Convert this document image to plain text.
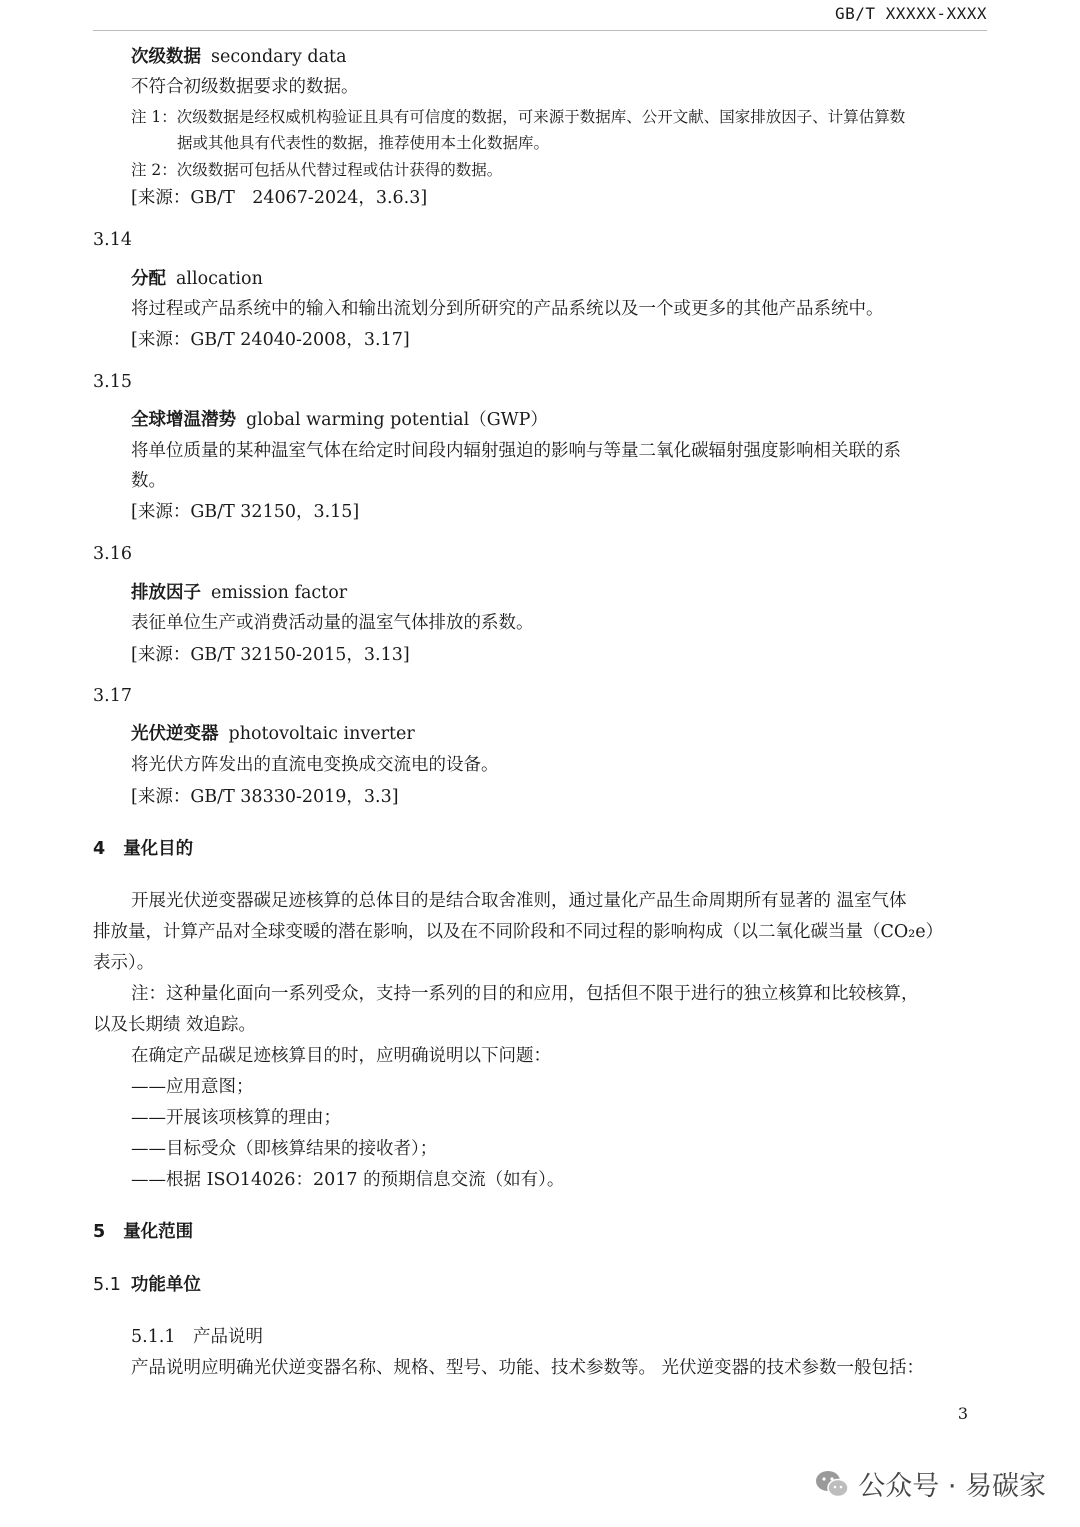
GB/T XXXXX-XXXX
次级数据 secondary data
不符合初级数据要求的数据。
注 1：次级数据是经权威机构验证且具有可信度的数据，可来源于数据库、公开文献、国家排放因子、计算估算数
据或其他具有代表性的数据，推荐使用本土化数据库。
注 2：次级数据可包括从代替过程或估计获得的数据。
[来源：GB/T　24067-2024，3.6.3]
3.14
分配 allocation
将过程或产品系统中的输入和输出流划分到所研究的产品系统以及一个或更多的其他产品系统中。
[来源：GB/T 24040-2008，3.17]
3.15
全球增温潜势 global warming potential（GWP）
将单位质量的某种温室气体在给定时间段内辐射强迫的影响与等量二氧化碳辐射强度影响相关联的系
数。
[来源：GB/T 32150，3.15]
3.16
排放因子 emission factor
表征单位生产或消费活动量的温室气体排放的系数。
[来源：GB/T 32150-2015，3.13]
3.17
光伏逆变器 photovoltaic inverter
将光伏方阵发出的直流电变换成交流电的设备。
[来源：GB/T 38330-2019，3.3]
4 量化目的
开展光伏逆变器碳足迹核算的总体目的是结合取舍准则，通过量化产品生命周期所有显著的 温室气体
排放量，计算产品对全球变暖的潜在影响，以及在不同阶段和不同过程的影响构成（以二氧化碳当量（CO₂e）
表示）。
注：这种量化面向一系列受众，支持一系列的目的和应用，包括但不限于进行的独立核算和比较核算，
以及长期绩 效追踪。
在确定产品碳足迹核算目的时，应明确说明以下问题：
——应用意图；
——开展该项核算的理由；
——目标受众（即核算结果的接收者）；
——根据 ISO14026：2017 的预期信息交流（如有）。
5 量化范围
5.1 功能单位
5.1.1　产品说明
产品说明应明确光伏逆变器名称、规格、型号、功能、技术参数等。 光伏逆变器的技术参数一般包括：
3
公众号 · 易碳家
